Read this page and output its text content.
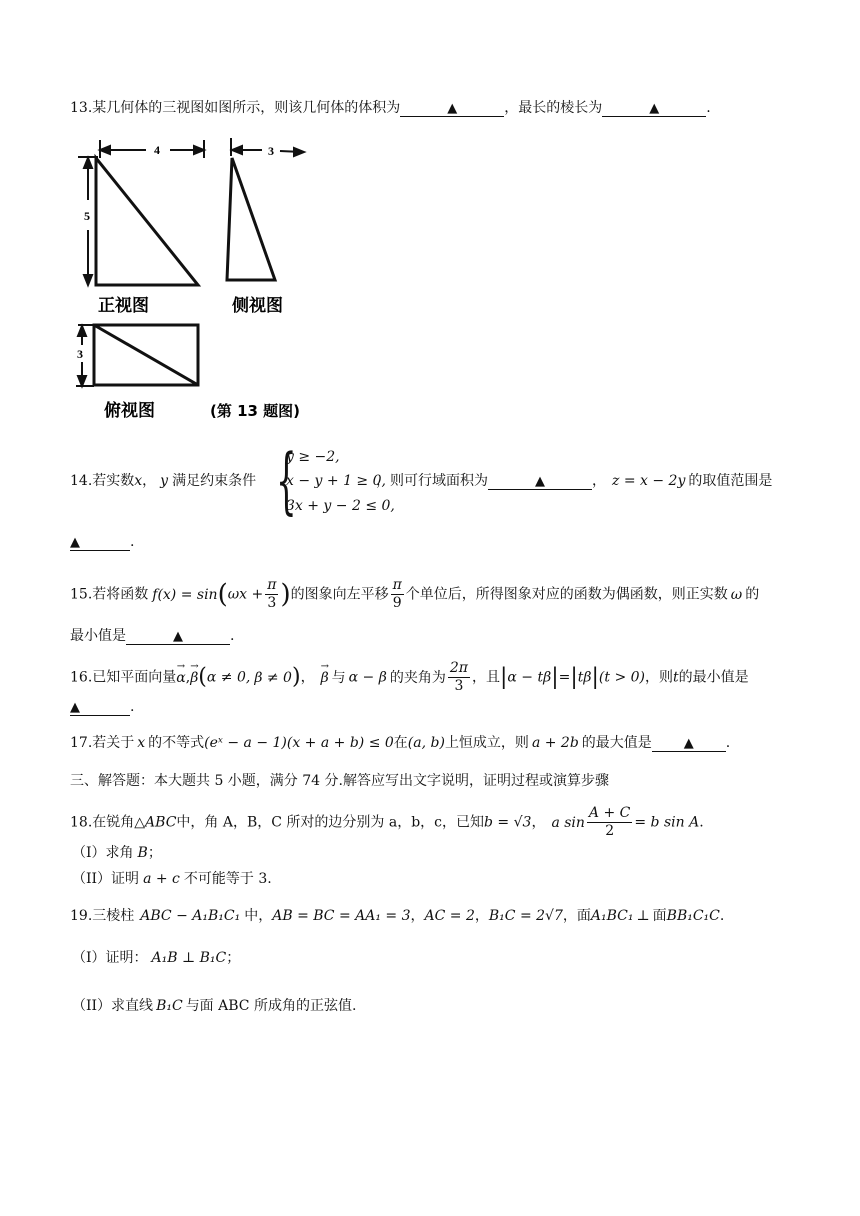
13.某几何体的三视图如图所示，则该几何体的体积为	▲	，最长的棱长为	▲	.
4
5
正视图
3
侧视图
3
俯视图	(第 13 题图)
14.若实数x， y 满足约束条件 {
y ≥ −2,
x − y + 1 ≥ 0,
3x + y − 2 ≤ 0,
，则可行域面积为	▲	， z = x − 2y 的取值范围是
▲	.
15.若将函数 $f(x) = \sin(\omega x + \frac{\pi}{3}$ )的图象向左平移 $\frac{\pi}{9}$ 个单位后，所得图象对应的函数为偶函数，则正实数 ω 的
最小值是	▲	.
16.已知平面向量→ α,→ β(α ≠ 0, β ≠ 0)，→ β 与 α − β 的夹角为 $\frac{2\pi}{3}$ ，且|α − tβ|=|tβ|(t > 0)，则t的最小值是
▲	.
17.若关于 x 的不等式(eˣ − a − 1)(x + a + b) ≤ 0在(a, b)上恒成立，则 a + 2b 的最大值是 ▲ .
三、解答题：本大题共 5 小题，满分 74 分.解答应写出文字说明，证明过程或演算步骤
18.在锐角△ABC中，角 A，B，C 所对的边分别为 a，b，c，已知b = √3， a $\sin \frac{A + C}{2} = b$ sin A.
（I）求角 B；
（II）证明 a + c 不可能等于 3.
19.三棱柱 ABC − A₁B₁C₁ 中，AB = BC = AA₁ = 3，AC = 2，B₁C = 2√7，面A₁BC₁ ⊥ 面BB₁C₁C.
（I）证明： A₁B ⊥ B₁C；
（II）求直线 B₁C 与面 ABC 所成角的正弦值.
